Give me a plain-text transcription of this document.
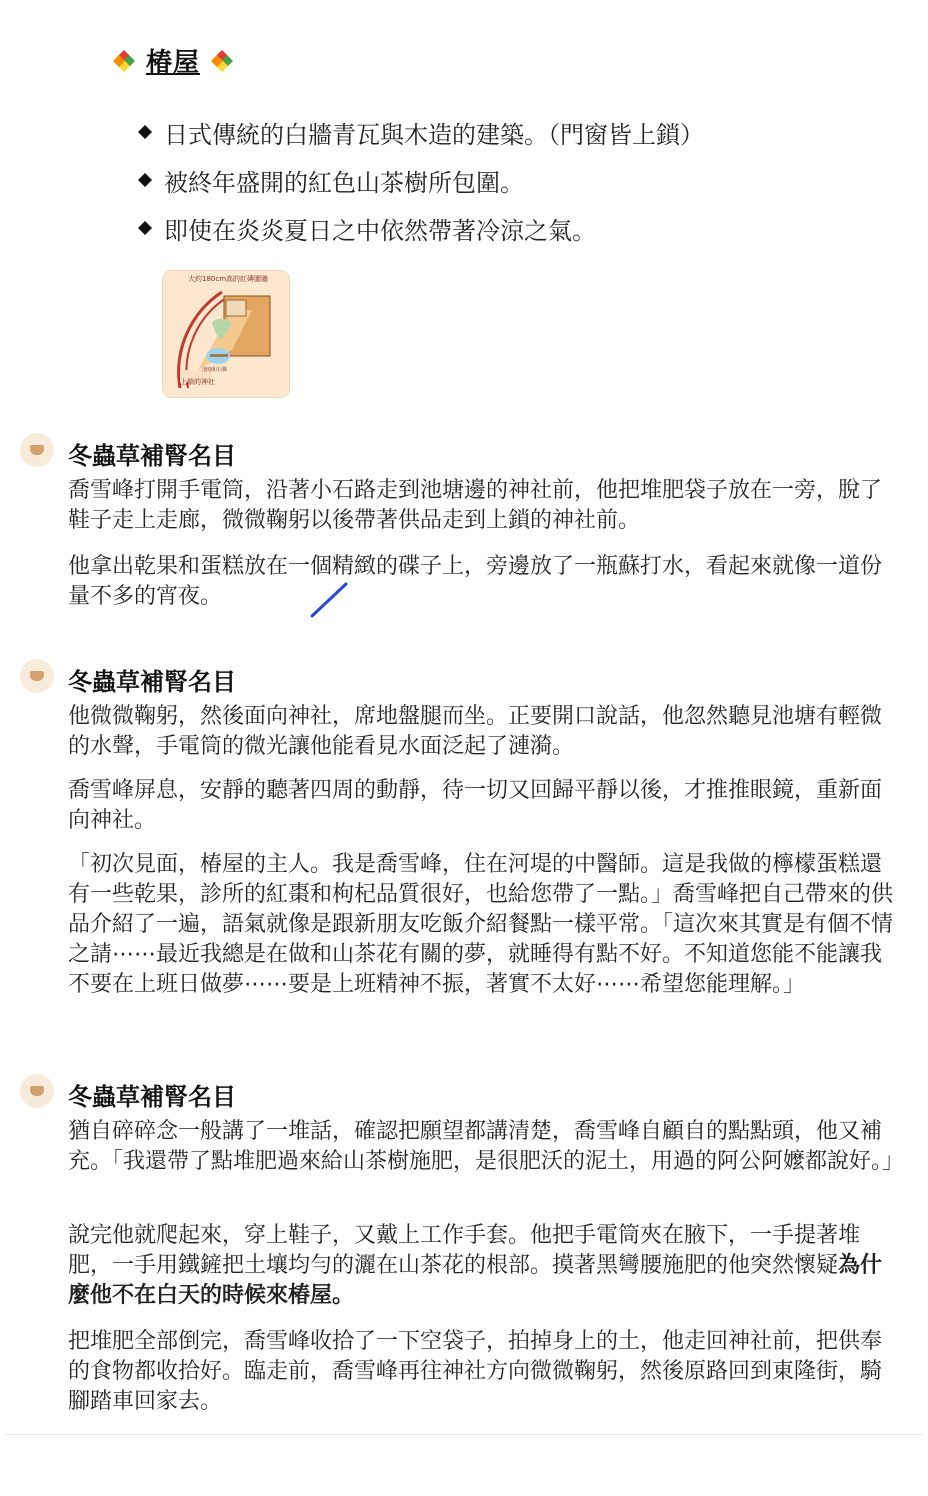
椿屋
日式傳統的白牆青瓦與木造的建築。（門窗皆上鎖）
被終年盛開的紅色山茶樹所包圍。
即使在炎炎夏日之中依然帶著冷涼之氣。
大約180cm高的紅磚圍牆
上鎖的神社
池塘和石橋
冬蟲草補腎名目
喬雪峰打開手電筒，沿著小石路走到池塘邊的神社前，他把堆肥袋子放在一旁，脫了鞋子走上走廊，微微鞠躬以後帶著供品走到上鎖的神社前。
他拿出乾果和蛋糕放在一個精緻的碟子上，旁邊放了一瓶蘇打水，看起來就像一道份量不多的宵夜。
冬蟲草補腎名目
他微微鞠躬，然後面向神社，席地盤腿而坐。正要開口說話，他忽然聽見池塘有輕微的水聲，手電筒的微光讓他能看見水面泛起了漣漪。
喬雪峰屏息，安靜的聽著四周的動靜，待一切又回歸平靜以後，才推推眼鏡，重新面向神社。
「初次見面，椿屋的主人。我是喬雪峰，住在河堤的中醫師。這是我做的檸檬蛋糕還有一些乾果，診所的紅棗和枸杞品質很好，也給您帶了一點。」喬雪峰把自己帶來的供品介紹了一遍，語氣就像是跟新朋友吃飯介紹餐點一樣平常。「這次來其實是有個不情之請⋯⋯最近我總是在做和山茶花有關的夢，就睡得有點不好。不知道您能不能讓我不要在上班日做夢⋯⋯要是上班精神不振，著實不太好⋯⋯希望您能理解。」
冬蟲草補腎名目
猶自碎碎念一般講了一堆話，確認把願望都講清楚，喬雪峰自顧自的點點頭，他又補充。「我還帶了點堆肥過來給山茶樹施肥，是很肥沃的泥土，用過的阿公阿嬤都說好。」
說完他就爬起來，穿上鞋子，又戴上工作手套。他把手電筒夾在腋下，一手提著堆肥，一手用鐵鏟把土壤均勻的灑在山茶花的根部。摸著黑彎腰施肥的他突然懷疑為什麼他不在白天的時候來椿屋。
把堆肥全部倒完，喬雪峰收拾了一下空袋子，拍掉身上的土，他走回神社前，把供奉的食物都收拾好。臨走前，喬雪峰再往神社方向微微鞠躬，然後原路回到東隆街，騎腳踏車回家去。
